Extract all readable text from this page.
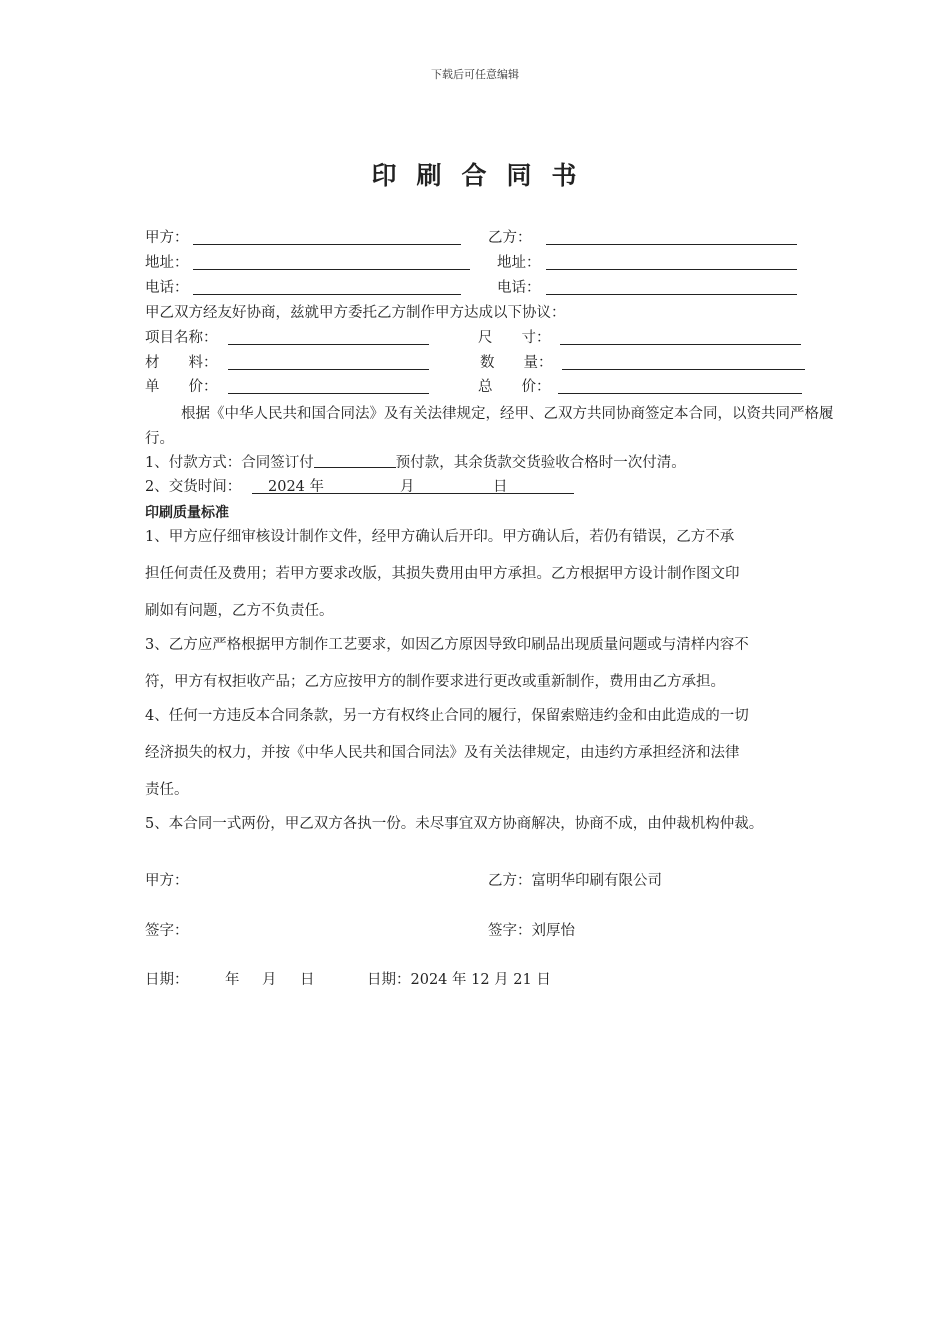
下载后可任意编辑
印刷合同书
甲方：	乙方：
地址：	地址：
电话：	电话：
甲乙双方经友好协商，兹就甲方委托乙方制作甲方达成以下协议：
项目名称：	尺　　寸：
材　　料：	数　　量：
单　　价：	总　　价：
根据《中华人民共和国合同法》及有关法律规定，经甲、乙双方共同协商签定本合同，以资共同严格履行。
1、付款方式：合同签订付	预付款，其余货款交货验收合格时一次付清。
2、交货时间： 2024 年	月	日
印刷质量标准
1、甲方应仔细审核设计制作文件，经甲方确认后开印。甲方确认后，若仍有错误，乙方不承
担任何责任及费用；若甲方要求改版，其损失费用由甲方承担。乙方根据甲方设计制作图文印
刷如有问题，乙方不负责任。
3、乙方应严格根据甲方制作工艺要求，如因乙方原因导致印刷品出现质量问题或与清样内容不
符，甲方有权拒收产品；乙方应按甲方的制作要求进行更改或重新制作，费用由乙方承担。
4、任何一方违反本合同条款，另一方有权终止合同的履行，保留索赔违约金和由此造成的一切
经济损失的权力，并按《中华人民共和国合同法》及有关法律规定，由违约方承担经济和法律
责任。
5、本合同一式两份，甲乙双方各执一份。未尽事宜双方协商解决，协商不成，由仲裁机构仲裁。
甲方：	乙方：富明华印刷有限公司
签字：	签字：刘厚怡
日期：	年 月 日	日期：2024 年 12 月 21 日
